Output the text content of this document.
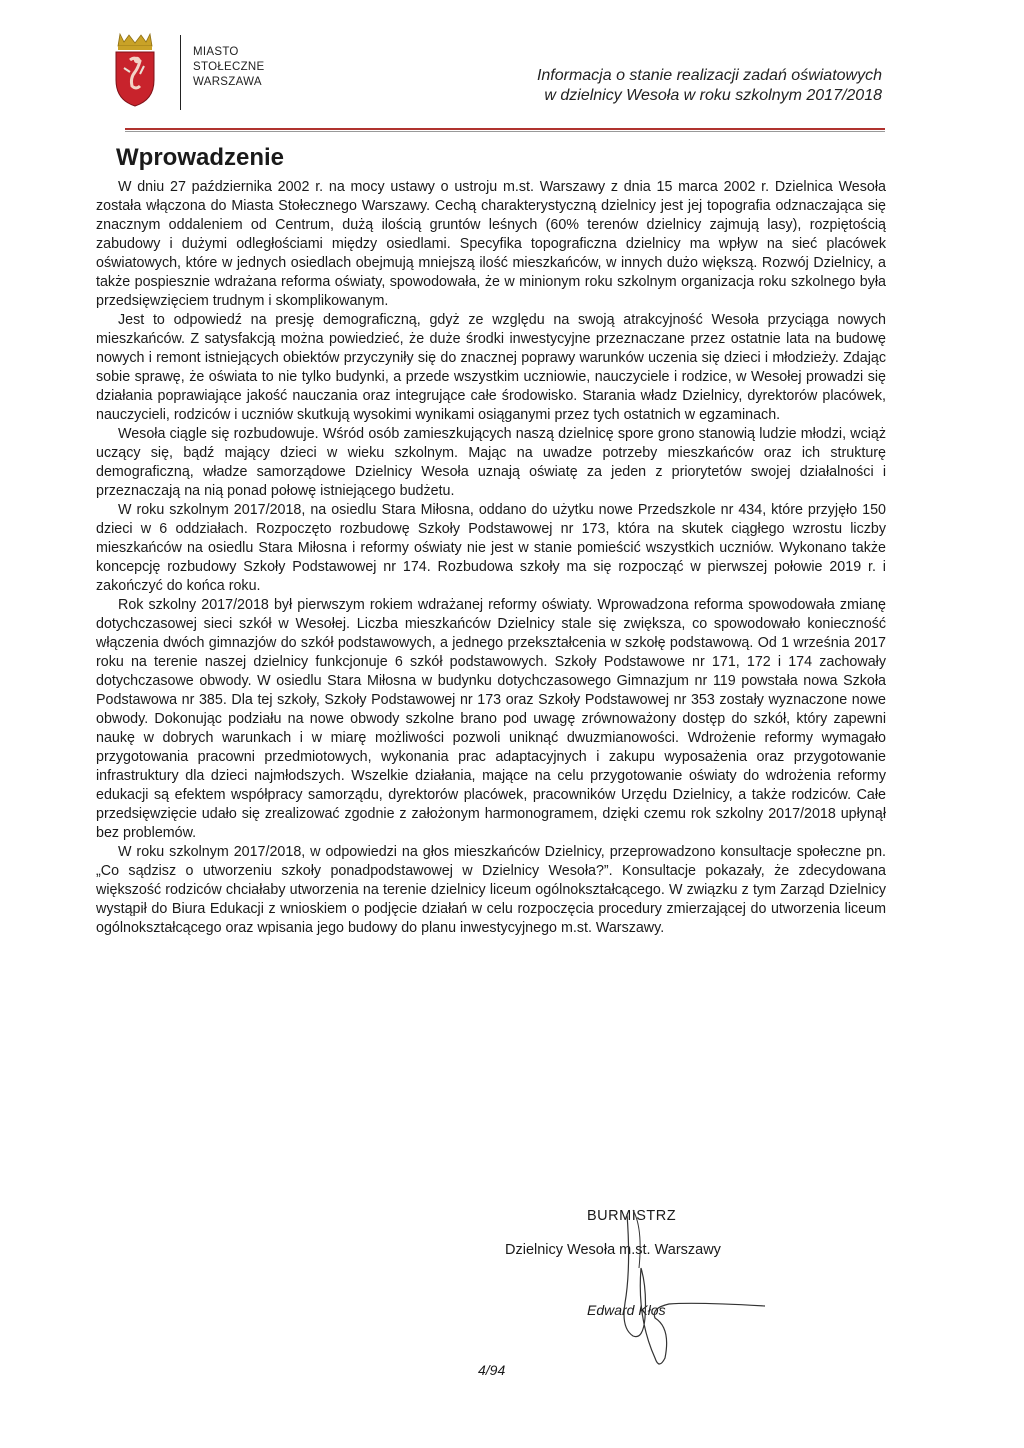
MIASTO
STOŁECZNE
WARSZAWA	Informacja o stanie realizacji zadań oświatowych
w dzielnicy Wesoła w roku szkolnym 2017/2018
Wprowadzenie

W dniu 27 października 2002 r. na mocy ustawy o ustroju m.st. Warszawy z dnia 15 marca 2002 r. Dzielnica Wesoła została włączona do Miasta Stołecznego Warszawy. Cechą charakterystyczną dzielnicy jest jej topografia odznaczająca się znacznym oddaleniem od Centrum, dużą ilością gruntów leśnych (60% terenów dzielnicy zajmują lasy), rozpiętością zabudowy i dużymi odległościami między osiedlami. Specyfika topograficzna dzielnicy ma wpływ na sieć placówek oświatowych, które w jednych osiedlach obejmują mniejszą ilość mieszkańców, w innych dużo większą. Rozwój Dzielnicy, a także pospiesznie wdrażana reforma oświaty, spowodowała, że w minionym roku szkolnym organizacja roku szkolnego była przedsięwzięciem trudnym i skomplikowanym.

Jest to odpowiedź na presję demograficzną, gdyż ze względu na swoją atrakcyjność Wesoła przyciąga nowych mieszkańców. Z satysfakcją można powiedzieć, że duże środki inwestycyjne przeznaczane przez ostatnie lata na budowę nowych i remont istniejących obiektów przyczyniły się do znacznej poprawy warunków uczenia się dzieci i młodzieży. Zdając sobie sprawę, że oświata to nie tylko budynki, a przede wszystkim uczniowie, nauczyciele i rodzice, w Wesołej prowadzi się działania poprawiające jakość nauczania oraz integrujące całe środowisko. Starania władz Dzielnicy, dyrektorów placówek, nauczycieli, rodziców i uczniów skutkują wysokimi wynikami osiąganymi przez tych ostatnich w egzaminach.

Wesoła ciągle się rozbudowuje. Wśród osób zamieszkujących naszą dzielnicę spore grono stanowią ludzie młodzi, wciąż uczący się, bądź mający dzieci w wieku szkolnym. Mając na uwadze potrzeby mieszkańców oraz ich strukturę demograficzną, władze samorządowe Dzielnicy Wesoła uznają oświatę za jeden z priorytetów swojej działalności i przeznaczają na nią ponad połowę istniejącego budżetu.

W roku szkolnym 2017/2018, na osiedlu Stara Miłosna, oddano do użytku nowe Przedszkole nr 434, które przyjęło 150 dzieci w 6 oddziałach. Rozpoczęto rozbudowę Szkoły Podstawowej nr 173, która na skutek ciągłego wzrostu liczby mieszkańców na osiedlu Stara Miłosna i reformy oświaty nie jest w stanie pomieścić wszystkich uczniów. Wykonano także koncepcję rozbudowy Szkoły Podstawowej nr 174. Rozbudowa szkoły ma się rozpocząć w pierwszej połowie 2019 r. i zakończyć do końca roku.

Rok szkolny 2017/2018 był pierwszym rokiem wdrażanej reformy oświaty. Wprowadzona reforma spowodowała zmianę dotychczasowej sieci szkół w Wesołej. Liczba mieszkańców Dzielnicy stale się zwiększa, co spowodowało konieczność włączenia dwóch gimnazjów do szkół podstawowych, a jednego przekształcenia w szkołę podstawową. Od 1 września 2017 roku na terenie naszej dzielnicy funkcjonuje 6 szkół podstawowych. Szkoły Podstawowe nr 171, 172 i 174 zachowały dotychczasowe obwody. W osiedlu Stara Miłosna w budynku dotychczasowego Gimnazjum nr 119 powstała nowa Szkoła Podstawowa nr 385. Dla tej szkoły, Szkoły Podstawowej nr 173 oraz Szkoły Podstawowej nr 353 zostały wyznaczone nowe obwody. Dokonując podziału na nowe obwody szkolne brano pod uwagę zrównoważony dostęp do szkół, który zapewni naukę w dobrych warunkach i w miarę możliwości pozwoli uniknąć dwuzmianowości. Wdrożenie reformy wymagało przygotowania pracowni przedmiotowych, wykonania prac adaptacyjnych i zakupu wyposażenia oraz przygotowanie infrastruktury dla dzieci najmłodszych. Wszelkie działania, mające na celu przygotowanie oświaty do wdrożenia reformy edukacji są efektem współpracy samorządu, dyrektorów placówek, pracowników Urzędu Dzielnicy, a także rodziców. Całe przedsięwzięcie udało się zrealizować zgodnie z założonym harmonogramem, dzięki czemu rok szkolny 2017/2018 upłynął bez problemów.

W roku szkolnym 2017/2018, w odpowiedzi na głos mieszkańców Dzielnicy, przeprowadzono konsultacje społeczne pn. „Co sądzisz o utworzeniu szkoły ponadpodstawowej w Dzielnicy Wesoła?”. Konsultacje pokazały, że zdecydowana większość rodziców chciałaby utworzenia na terenie dzielnicy liceum ogólnokształcącego. W związku z tym Zarząd Dzielnicy wystąpił do Biura Edukacji z wnioskiem o podjęcie działań w celu rozpoczęcia procedury zmierzającej do utworzenia liceum ogólnokształcącego oraz wpisania jego budowy do planu inwestycyjnego m.st. Warszawy.

BURMISTRZ
Dzielnicy Wesoła m.st. Warszawy
Edward Kłos
4/94
